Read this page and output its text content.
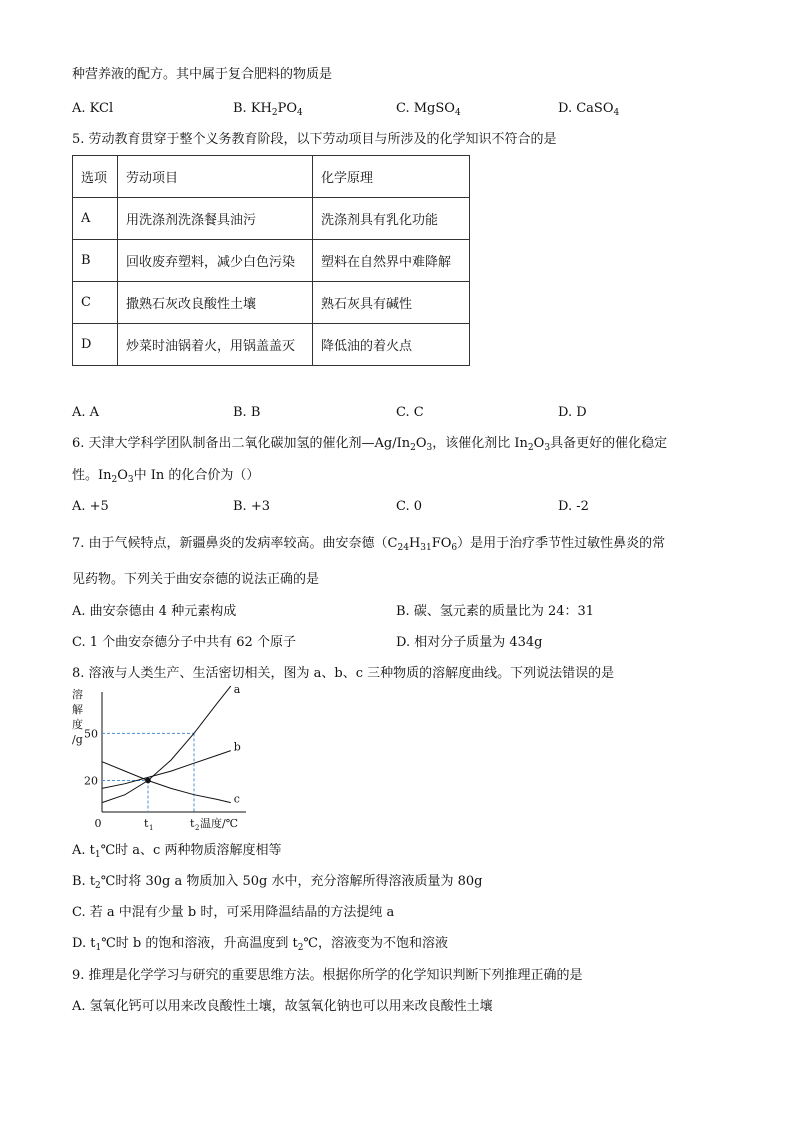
种营养液的配方。其中属于复合肥料的物质是
A. KCl	B. $KH_2PO_4$	C. MgSO$_4$	D. CaSO$_4$
5. 劳动教育贯穿于整个义务教育阶段，以下劳动项目与所涉及的化学知识不符合的是
选项	劳动项目	化学原理
A	用洗涤剂洗涤餐具油污	洗涤剂具有乳化功能
B	回收废弃塑料，减少白色污染	塑料在自然界中难降解
C	撒熟石灰改良酸性土壤	熟石灰具有碱性
D	炒菜时油锅着火，用锅盖盖灭	降低油的着火点
A. A	B. B	C. C	D. D
6. 天津大学科学团队制备出二氧化碳加氢的催化剂$—Ag/In_2O_3$，该催化剂比 $In_2O_3$具备更好的催化稳定
性。$In_2O_3$中 In 的化合价为（）
A. +5	B. +3	C. 0	D. -2
7. 由于气候特点，新疆鼻炎的发病率较高。曲安奈德$(C_{24}H_{31}FO_6)$是用于治疗季节性过敏性鼻炎的常
见药物。下列关于曲安奈德的说法正确的是
A. 曲安奈德由 4 种元素构成	B. 碳、氢元素的质量比为 24：31
C. 1 个曲安奈德分子中共有 62 个原子	D. 相对分子质量为 434g
8. 溶液与人类生产、生活密切相关，图为 a、b、c 三种物质的溶解度曲线。下列说法错误的是
溶
解
度
/g
a
b
c
50
20
0	t 1	t 2 温度/℃
A. $t_1℃$时 a、c 两种物质溶解度相等
B. $t_2℃$时将 30g a 物质加入 50g 水中，充分溶解所得溶液质量为 80g
C. 若 a 中混有少量 b 时，可采用降温结晶的方法提纯 a
D. $t_1℃$时 b 的饱和溶液，升高温度到 $t_2℃$，溶液变为不饱和溶液
9. 推理是化学学习与研究的重要思维方法。根据你所学的化学知识判断下列推理正确的是
A. 氢氧化钙可以用来改良酸性土壤，故氢氧化钠也可以用来改良酸性土壤
